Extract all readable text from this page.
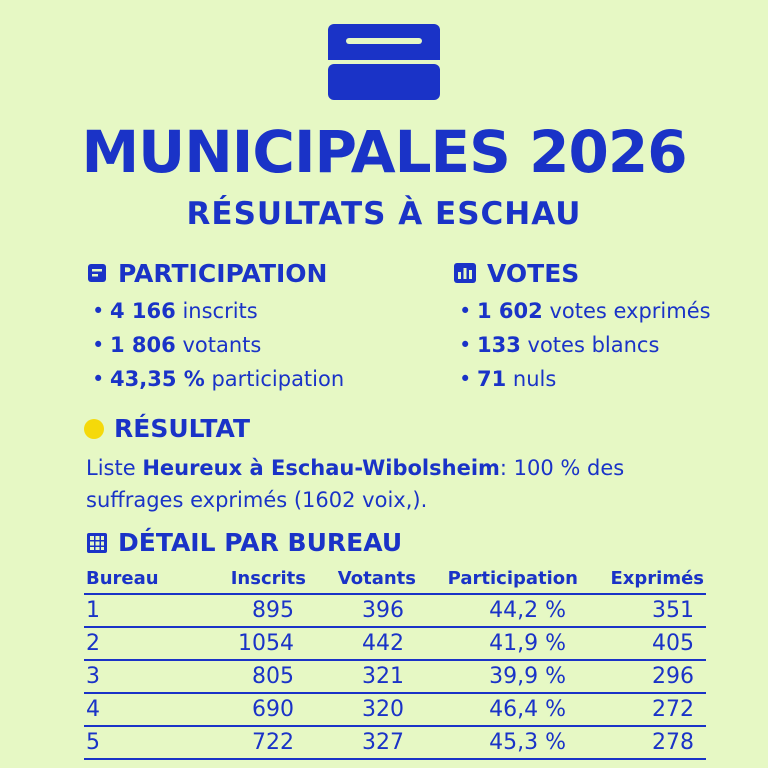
MUNICIPALES 2026
RÉSULTATS À ESCHAU
PARTICIPATION
• 4 166 inscrits
• 1 806 votants
• 43,35 % participation
VOTES
• 1 602 votes exprimés
• 133 votes blancs
• 71 nuls
RÉSULTAT
Liste Heureux à Eschau-Wibolsheim: 100 % des suffrages exprimés (1602 voix,).
DÉTAIL PAR BUREAU
Bureau	Inscrits	Votants	Participation	Exprimés
1	895	396	44,2 %	351
2	1054	442	41,9 %	405
3	805	321	39,9 %	296
4	690	320	46,4 %	272
5	722	327	45,3 %	278
